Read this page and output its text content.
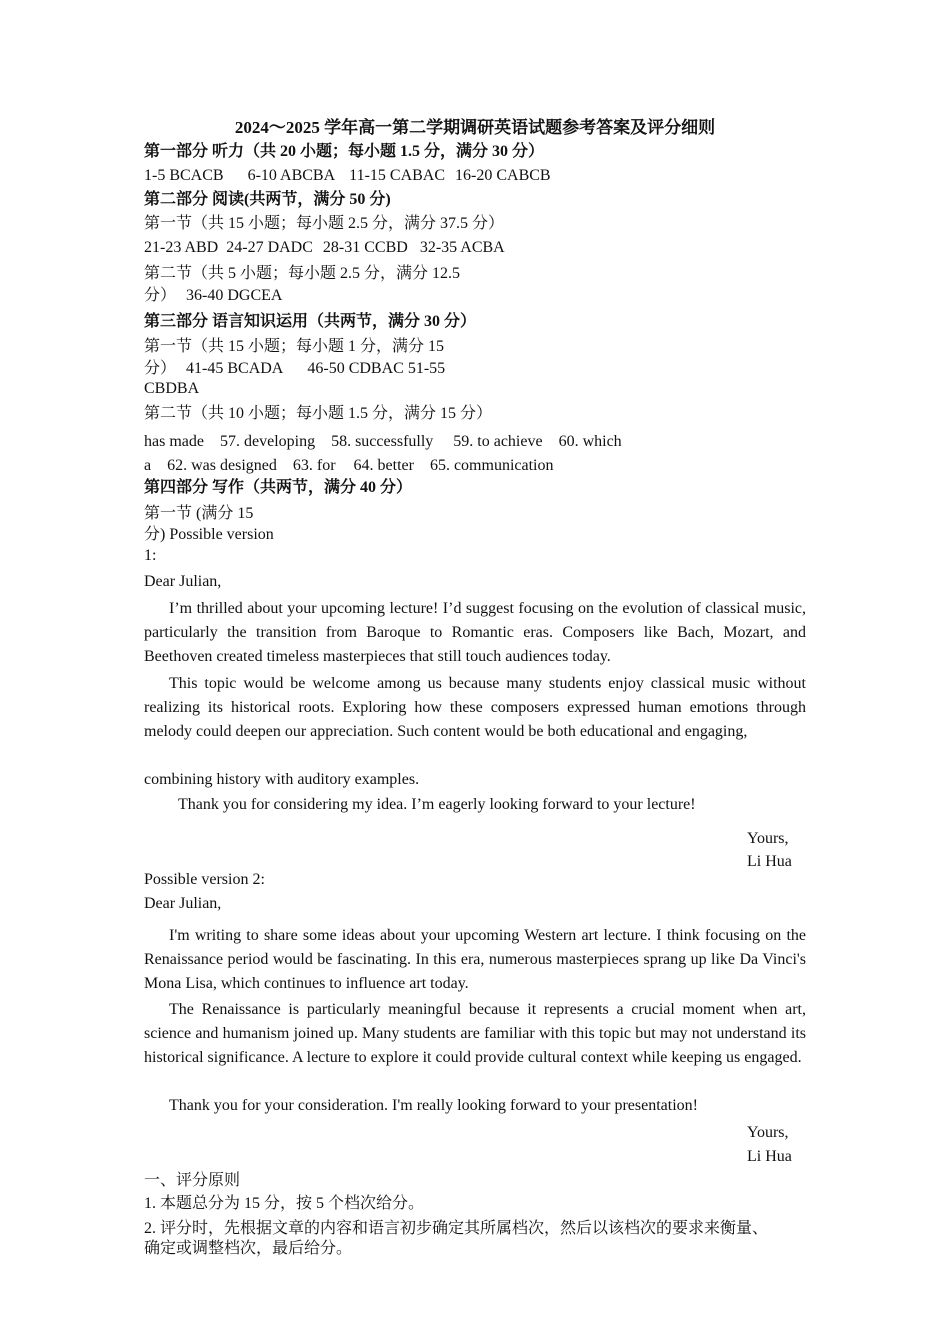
2024～2025 学年高一第二学期调研英语试题参考答案及评分细则
第一部分 听力（共 20 小题；每小题 1.5 分，满分 30 分）
1-5 BCACB 6-10 ABCBA 11-15 CABAC 16-20 CABCB
第二部分 阅读(共两节，满分 50 分)
第一节（共 15 小题；每小题 2.5 分，满分 37.5 分）
21-23 ABD 24-27 DADC 28-31 CCBD 32-35 ACBA
第二节（共 5 小题；每小题 2.5 分，满分 12.5
分） 36-40 DGCEA
第三部分 语言知识运用（共两节，满分 30 分）
第一节（共 15 小题；每小题 1 分，满分 15
分） 41-45 BCADA 46-50 CDBAC 51-55
CBDBA
第二节（共 10 小题；每小题 1.5 分，满分 15 分）
has made 57. developing 58. successfully 59. to achieve 60. which
a 62. was designed 63. for 64. better 65. communication
第四部分 写作（共两节，满分 40 分）
第一节 (满分 15
分) Possible version
1:
Dear Julian,
I’m thrilled about your upcoming lecture! I’d suggest focusing on the evolution of classical music, particularly the transition from Baroque to Romantic eras. Composers like Bach, Mozart, and Beethoven created timeless masterpieces that still touch audiences today.
This topic would be welcome among us because many students enjoy classical music without realizing its historical roots. Exploring how these composers expressed human emotions through melody could deepen our appreciation. Such content would be both educational and engaging,
combining history with auditory examples.
Thank you for considering my idea. I’m eagerly looking forward to your lecture!
Yours,
Li Hua
Possible version 2:
Dear Julian,
I'm writing to share some ideas about your upcoming Western art lecture. I think focusing on the Renaissance period would be fascinating. In this era, numerous masterpieces sprang up like Da Vinci's Mona Lisa, which continues to influence art today.
The Renaissance is particularly meaningful because it represents a crucial moment when art, science and humanism joined up. Many students are familiar with this topic but may not understand its historical significance. A lecture to explore it could provide cultural context while keeping us engaged.
Thank you for your consideration. I'm really looking forward to your presentation!
Yours,
Li Hua
一、评分原则
1. 本题总分为 15 分，按 5 个档次给分。
2. 评分时，先根据文章的内容和语言初步确定其所属档次，然后以该档次的要求来衡量、
确定或调整档次，最后给分。
